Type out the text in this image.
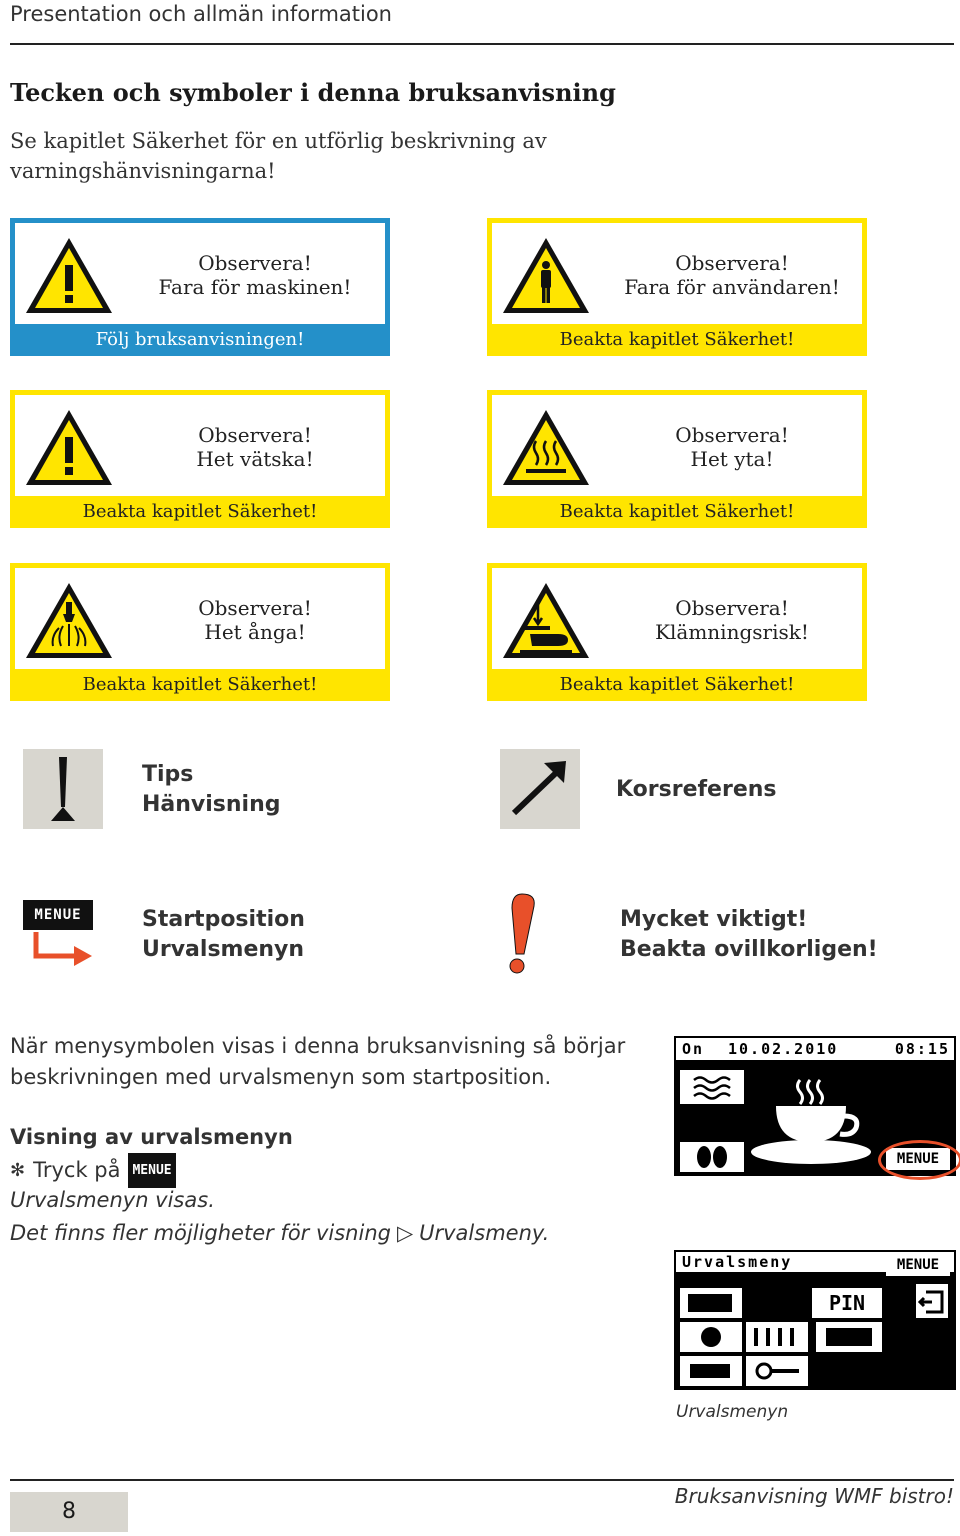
Presentation och allmän information
Tecken och symboler i denna bruksanvisning
Se kapitlet Säkerhet för en utförlig beskrivning av
varningshänvisningarna!
Observera!
Fara för maskinen!
Följ bruksanvisningen!
Observera!
Fara för användaren!
Beakta kapitlet Säkerhet!
Observera!
Het vätska!
Beakta kapitlet Säkerhet!
Observera!
Het yta!
Beakta kapitlet Säkerhet!
Observera!
Het ånga!
Beakta kapitlet Säkerhet!
Observera!
Klämningsrisk!
Beakta kapitlet Säkerhet!
Tips
Hänvisning
Korsreferens
MENUE	Startposition
Urvalsmenyn
Mycket viktigt!
Beakta ovillkorligen!
När menysymbolen visas i denna bruksanvisning så börjar
beskrivningen med urvalsmenyn som startposition.
Visning av urvalsmenyn
✻ Tryck på MENUE
Urvalsmenyn visas.
Det finns fler möjligheter för visning ▷ Urvalsmeny.
On 10.02.2010	08:15
MENUE
Urvalsmeny	MENUE
PIN
Urvalsmenyn
8
Bruksanvisning WMF bistro!
